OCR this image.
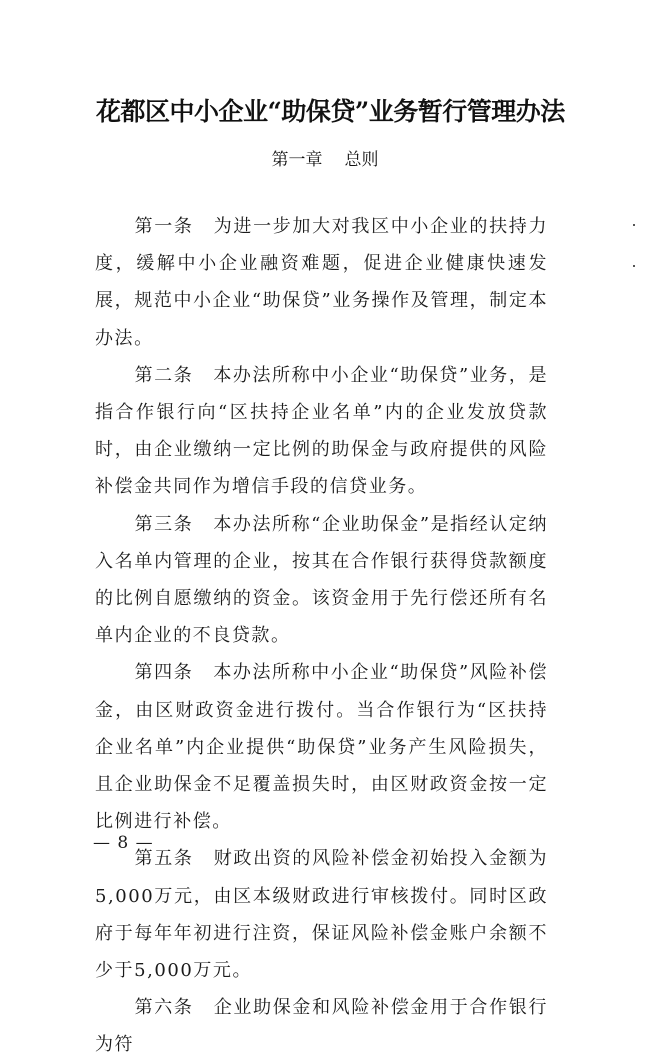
花都区中小企业“助保贷”业务暂行管理办法
第一章 总则

第一条 为进一步加大对我区中小企业的扶持力度，缓解中小企业融资难题，促进企业健康快速发展，规范中小企业“助保贷”业务操作及管理，制定本办法。

第二条 本办法所称中小企业“助保贷”业务，是指合作银行向“区扶持企业名单”内的企业发放贷款时，由企业缴纳一定比例的助保金与政府提供的风险补偿金共同作为增信手段的信贷业务。

第三条 本办法所称“企业助保金”是指经认定纳入名单内管理的企业，按其在合作银行获得贷款额度的比例自愿缴纳的资金。该资金用于先行偿还所有名单内企业的不良贷款。

第四条 本办法所称中小企业“助保贷”风险补偿金，由区财政资金进行拨付。当合作银行为“区扶持企业名单”内企业提供“助保贷”业务产生风险损失，且企业助保金不足覆盖损失时，由区财政资金按一定比例进行补偿。

第五条 财政出资的风险补偿金初始投入金额为5,000万元，由区本级财政进行审核拨付。同时区政府于每年年初进行注资，保证风险补偿金账户余额不少于5,000万元。

第六条 企业助保金和风险补偿金用于合作银行为符

— 8 —
